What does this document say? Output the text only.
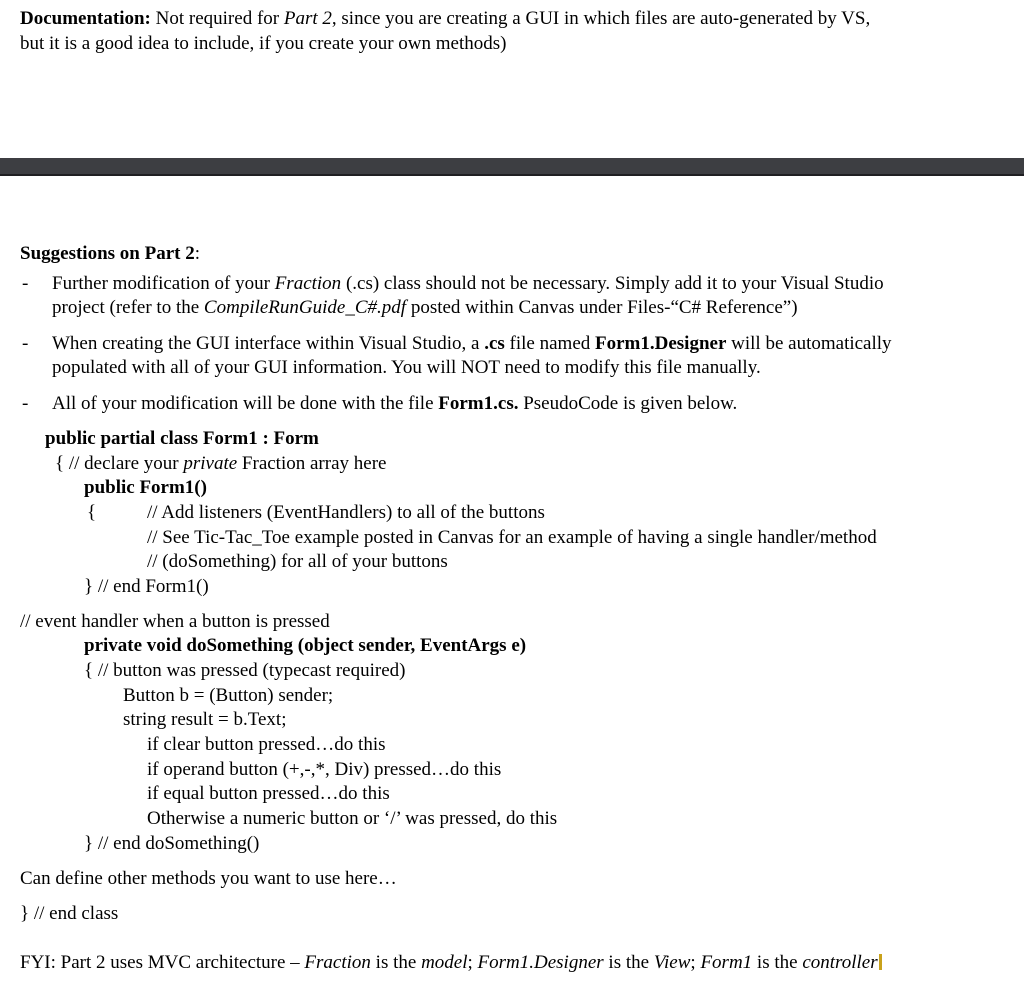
Documentation: Not required for Part 2, since you are creating a GUI in which files are auto-generated by VS,
but it is a good idea to include, if you create your own methods)
Suggestions on Part 2:
- Further modification of your Fraction (.cs) class should not be necessary. Simply add it to your Visual Studio
project (refer to the CompileRunGuide_C#.pdf posted within Canvas under Files-“C# Reference”)
- When creating the GUI interface within Visual Studio, a .cs file named Form1.Designer will be automatically
populated with all of your GUI information. You will NOT need to modify this file manually.
- All of your modification will be done with the file Form1.cs. PseudoCode is given below.
public partial class Form1 : Form
{ // declare your private Fraction array here
public Form1()
{	// Add listeners (EventHandlers) to all of the buttons
// See Tic-Tac_Toe example posted in Canvas for an example of having a single handler/method
// (doSomething) for all of your buttons
} // end Form1()
// event handler when a button is pressed
private void doSomething (object sender, EventArgs e)
{ // button was pressed (typecast required)
Button b = (Button) sender;
string result = b.Text;
if clear button pressed…do this
if operand button (+,-,*, Div) pressed…do this
if equal button pressed…do this
Otherwise a numeric button or ‘/’ was pressed, do this
} // end doSomething()
Can define other methods you want to use here…
} // end class
FYI: Part 2 uses MVC architecture – Fraction is the model; Form1.Designer is the View; Form1 is the controller
